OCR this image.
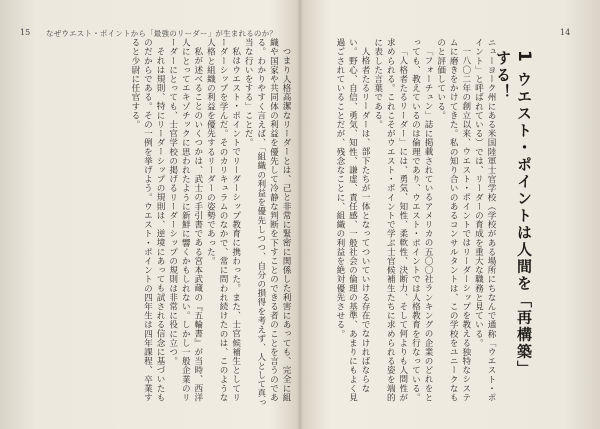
15 なぜウエスト・ポイントから「最強のリーダー」が生まれるのか？

つまり人格高潔なリーダーとは、己と非常に緊密に関係した利害にあっても、完全に組織や国家や共同体の利益を優先して冷静な判断を下すことのできる者のことを言うのである。わかりやすく言えば、「組織の利益を優先しつつ、自分の損得を考えず、人として真っ当な行いをする」ことだ。

私はウエスト・ポイントでリーダーシップ教育に携わった。また、士官候補生としてリーダーシップを学んだ。そのカリキュラムのなかで、常に問われ続けたのは、このような人格と組織の利益を優先するリーダーの姿勢であった。

私が述べることのいくつかは、武士の手引書である宮本武蔵の『五輪書』が当時、西洋人にとってエキゾチックに思われたように新鮮に響くかもしれない。しかし一般企業のリーダーにとっても、士官学校の掲げるリーダーシップの規則は非常に役に立つ。

それは規則、特にリーダーシップの規則は、逆境にあっても試される信念に基づいたものだからである。その一例を挙げよう。ウエスト・ポイントの四年生は四年課程、卒業すると少尉に任官する。

14

ニューヨーク州にある米国陸軍士官学校（学校がある場所にちなんで通称「ウエスト・ポイント」と呼ばれている）では、リーダーの育成を重大な職務と見ている。

一八〇二年の創立以来、ウエスト・ポイントではリーダーシップを教える独特なシステムに磨きをかけてきた。私の知り合いのあるコンサルタントは、この学校をユニークなものと評価している。

「フォーチュン」誌に掲載されているアメリカの五〇〇社ランキングの企業のどれをとっても、教えているのは倫理であり、ウエスト・ポイントでは人格教育を行なっている。

「人格者たるリーダー」には、勇気、知性、柔軟性、決断力、そして何よりも人間性が求められる。これこそがウエスト・ポイントで学ぶ士官候補生たちに求められる姿を端的に表した言葉である。

人格者たるリーダーは、部下たちが一体となってついていける存在でなければならない。野心、自信、勇気、知性、謙虚、責任感、一般社会の倫理の基準、あまりにもよく見過ごされていることだが、残念なことに、組織の利益を絶対優先させる。	1 ウエスト・ポイントは人間を「再構築」する！
